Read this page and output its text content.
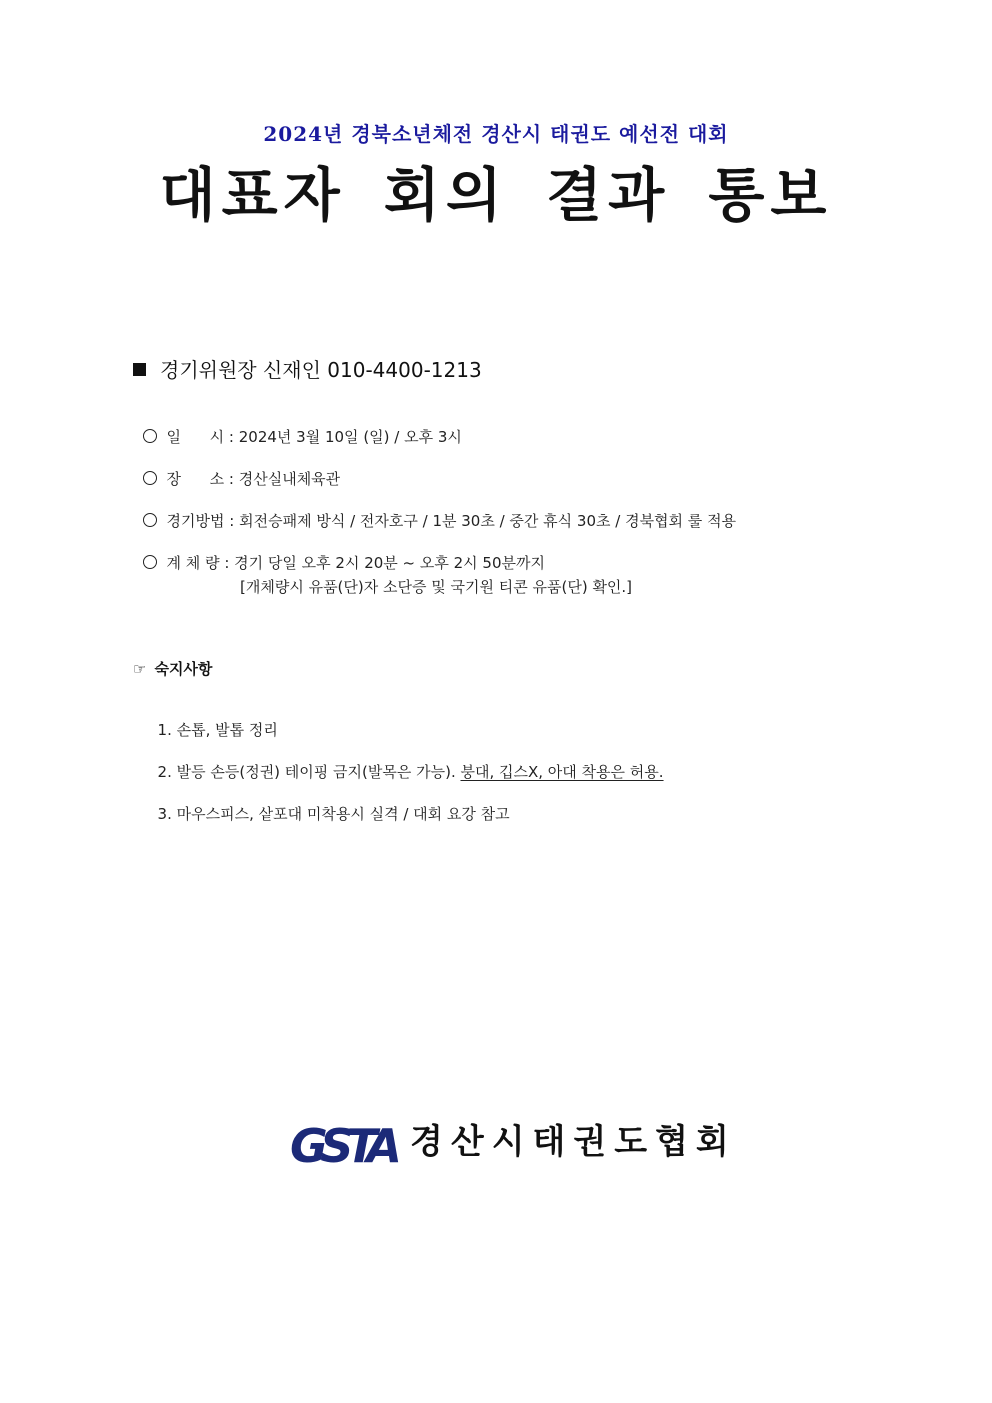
2024년 경북소년체전 경산시 태권도 예선전 대회
대표자 회의 결과 통보
경기위원장 신재인 010-4400-1213

일      시 : 2024년 3월 10일 (일) / 오후 3시

장      소 : 경산실내체육관

경기방법 : 회전승패제 방식 / 전자호구 / 1분 30초 / 중간 휴식 30초 / 경북협회 룰 적용

계 체 량 : 경기 당일 오후 2시 20분 ~ 오후 2시 50분까지

[개체량시 유품(단)자 소단증 및 국기원 티콘 유품(단) 확인.]
☞ 숙지사항

1. 손톱, 발톱 정리

2. 발등 손등(정권) 테이핑 금지(발목은 가능). 붕대, 깁스X, 아대 착용은 허용.

3. 마우스피스, 샅포대 미착용시 실격 / 대회 요강 참고

GSTA 경산시태권도협회
